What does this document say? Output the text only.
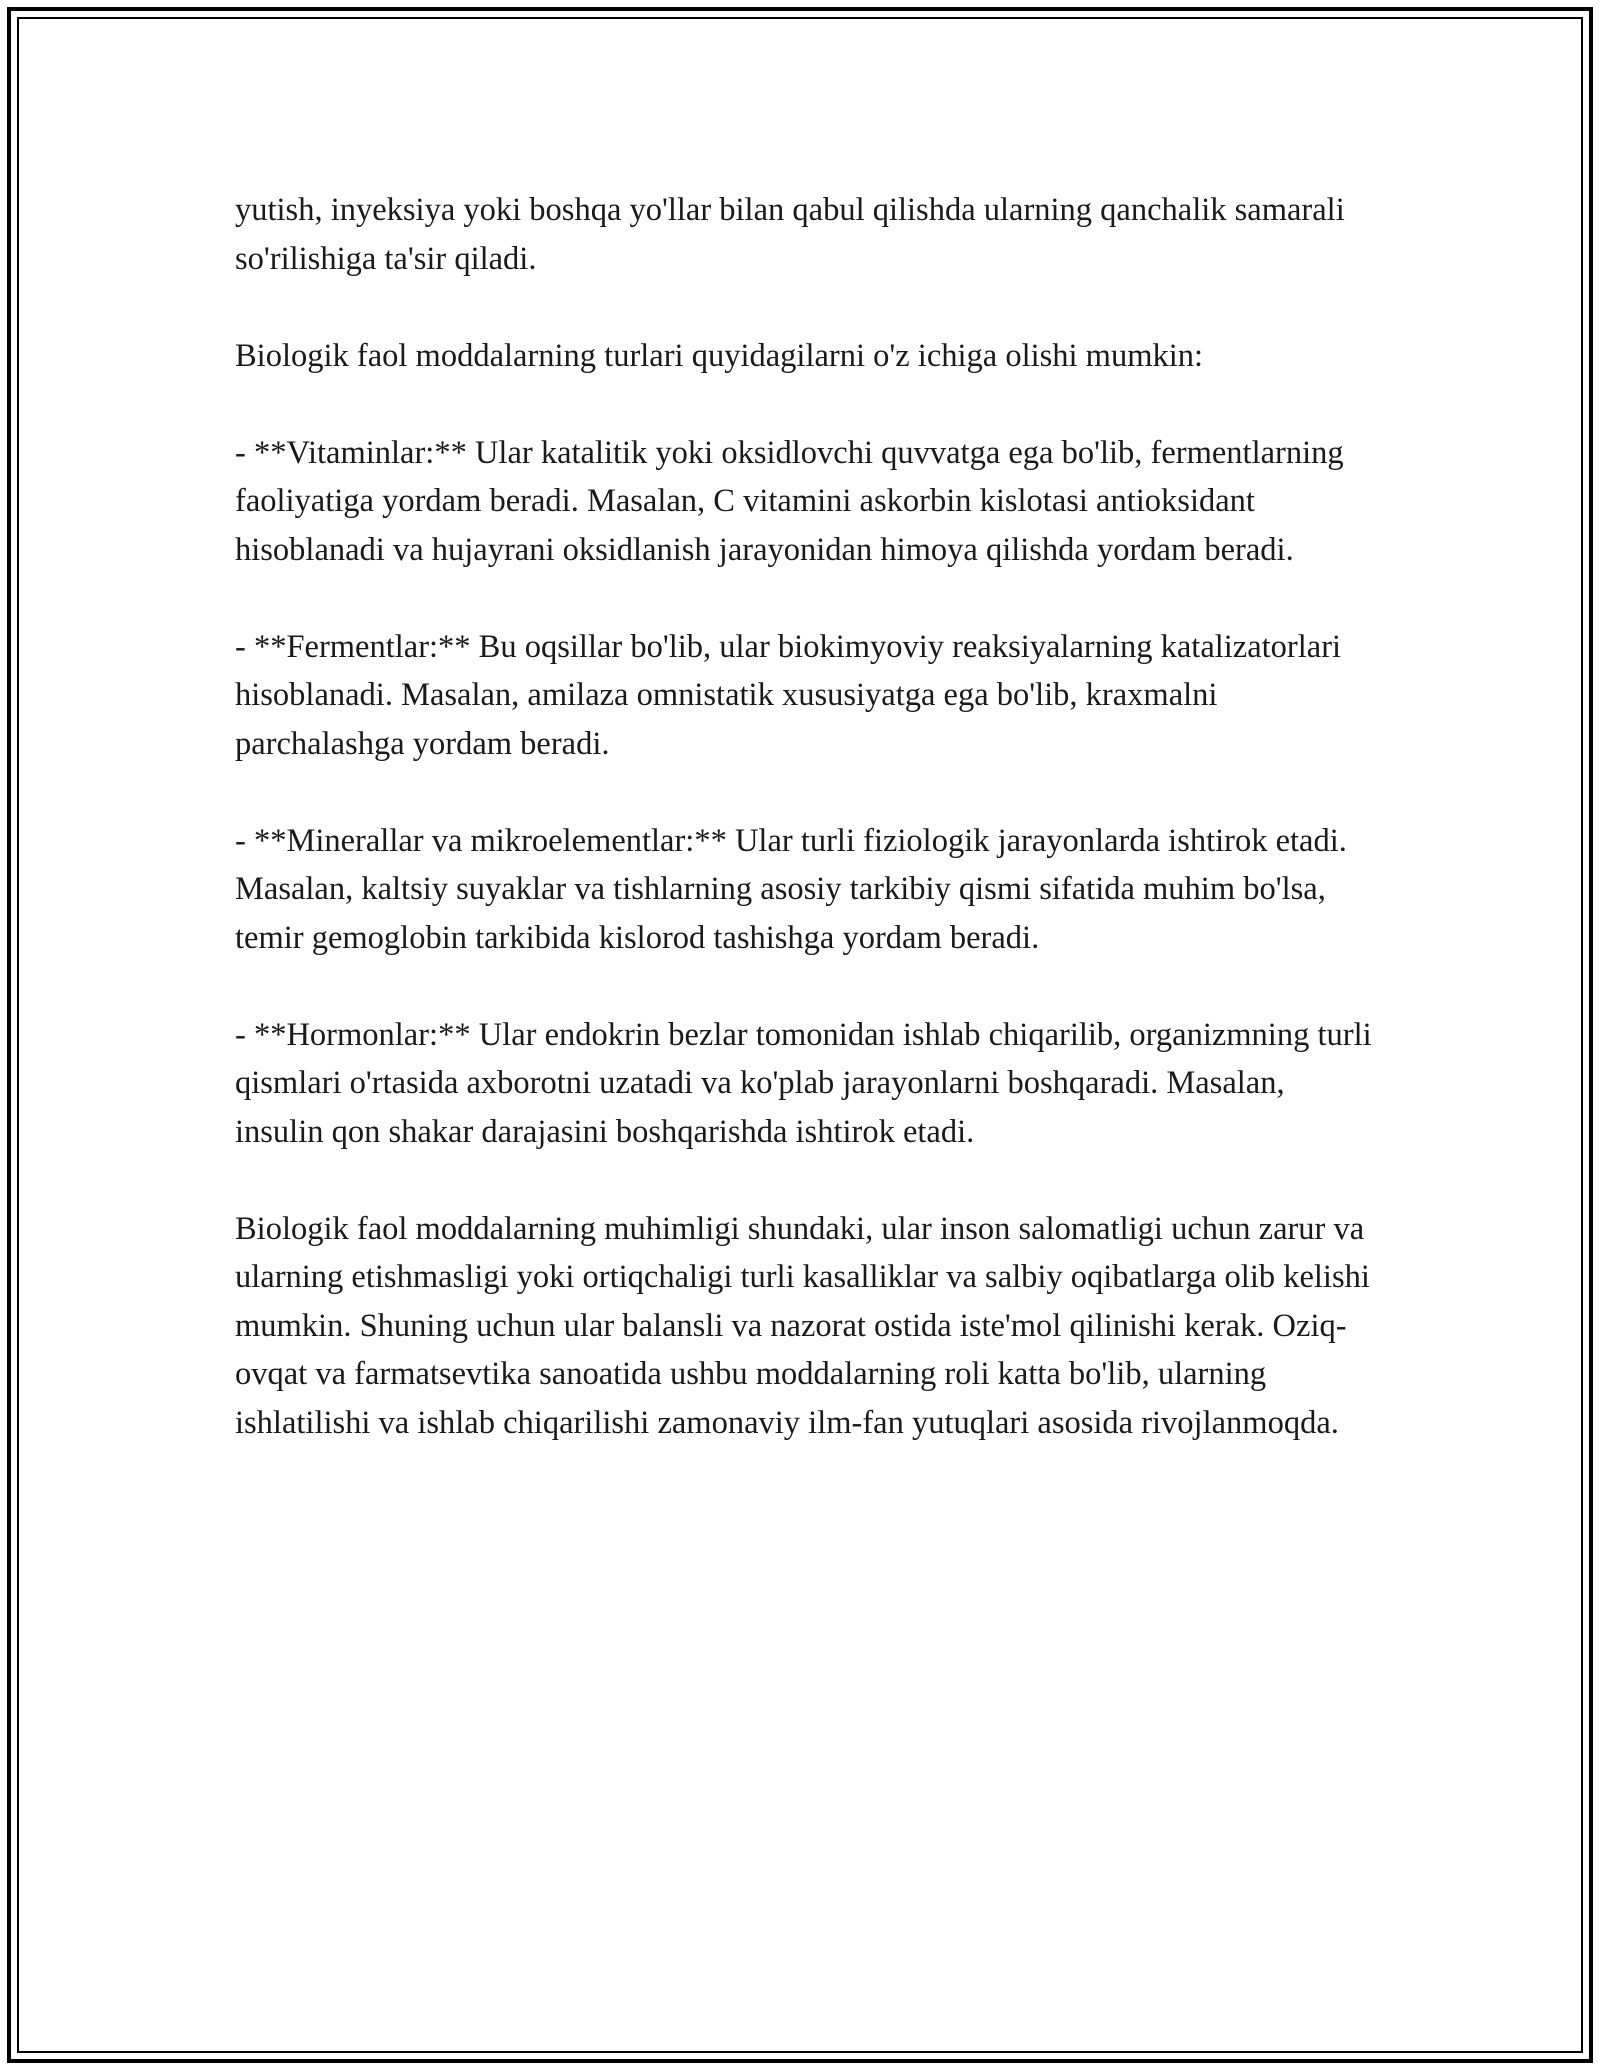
yutish, inyeksiya yoki boshqa yo'llar bilan qabul qilishda ularning qanchalik samarali so'rilishiga ta'sir qiladi.

Biologik faol moddalarning turlari quyidagilarni o'z ichiga olishi mumkin:

- **Vitaminlar:** Ular katalitik yoki oksidlovchi quvvatga ega bo'lib, fermentlarning faoliyatiga yordam beradi. Masalan, C vitamini askorbin kislotasi antioksidant hisoblanadi va hujayrani oksidlanish jarayonidan himoya qilishda yordam beradi.

- **Fermentlar:** Bu oqsillar bo'lib, ular biokimyoviy reaksiyalarning katalizatorlari hisoblanadi. Masalan, amilaza omnistatik xususiyatga ega bo'lib, kraxmalni parchalashga yordam beradi.

- **Minerallar va mikroelementlar:** Ular turli fiziologik jarayonlarda ishtirok etadi. Masalan, kaltsiy suyaklar va tishlarning asosiy tarkibiy qismi sifatida muhim bo'lsa, temir gemoglobin tarkibida kislorod tashishga yordam beradi.

- **Hormonlar:** Ular endokrin bezlar tomonidan ishlab chiqarilib, organizmning turli qismlari o'rtasida axborotni uzatadi va ko'plab jarayonlarni boshqaradi. Masalan, insulin qon shakar darajasini boshqarishda ishtirok etadi.

Biologik faol moddalarning muhimligi shundaki, ular inson salomatligi uchun zarur va ularning etishmasligi yoki ortiqchaligi turli kasalliklar va salbiy oqibatlarga olib kelishi mumkin. Shuning uchun ular balansli va nazorat ostida iste'mol qilinishi kerak. Oziq-ovqat va farmatsevtika sanoatida ushbu moddalarning roli katta bo'lib, ularning ishlatilishi va ishlab chiqarilishi zamonaviy ilm-fan yutuqlari asosida rivojlanmoqda.
